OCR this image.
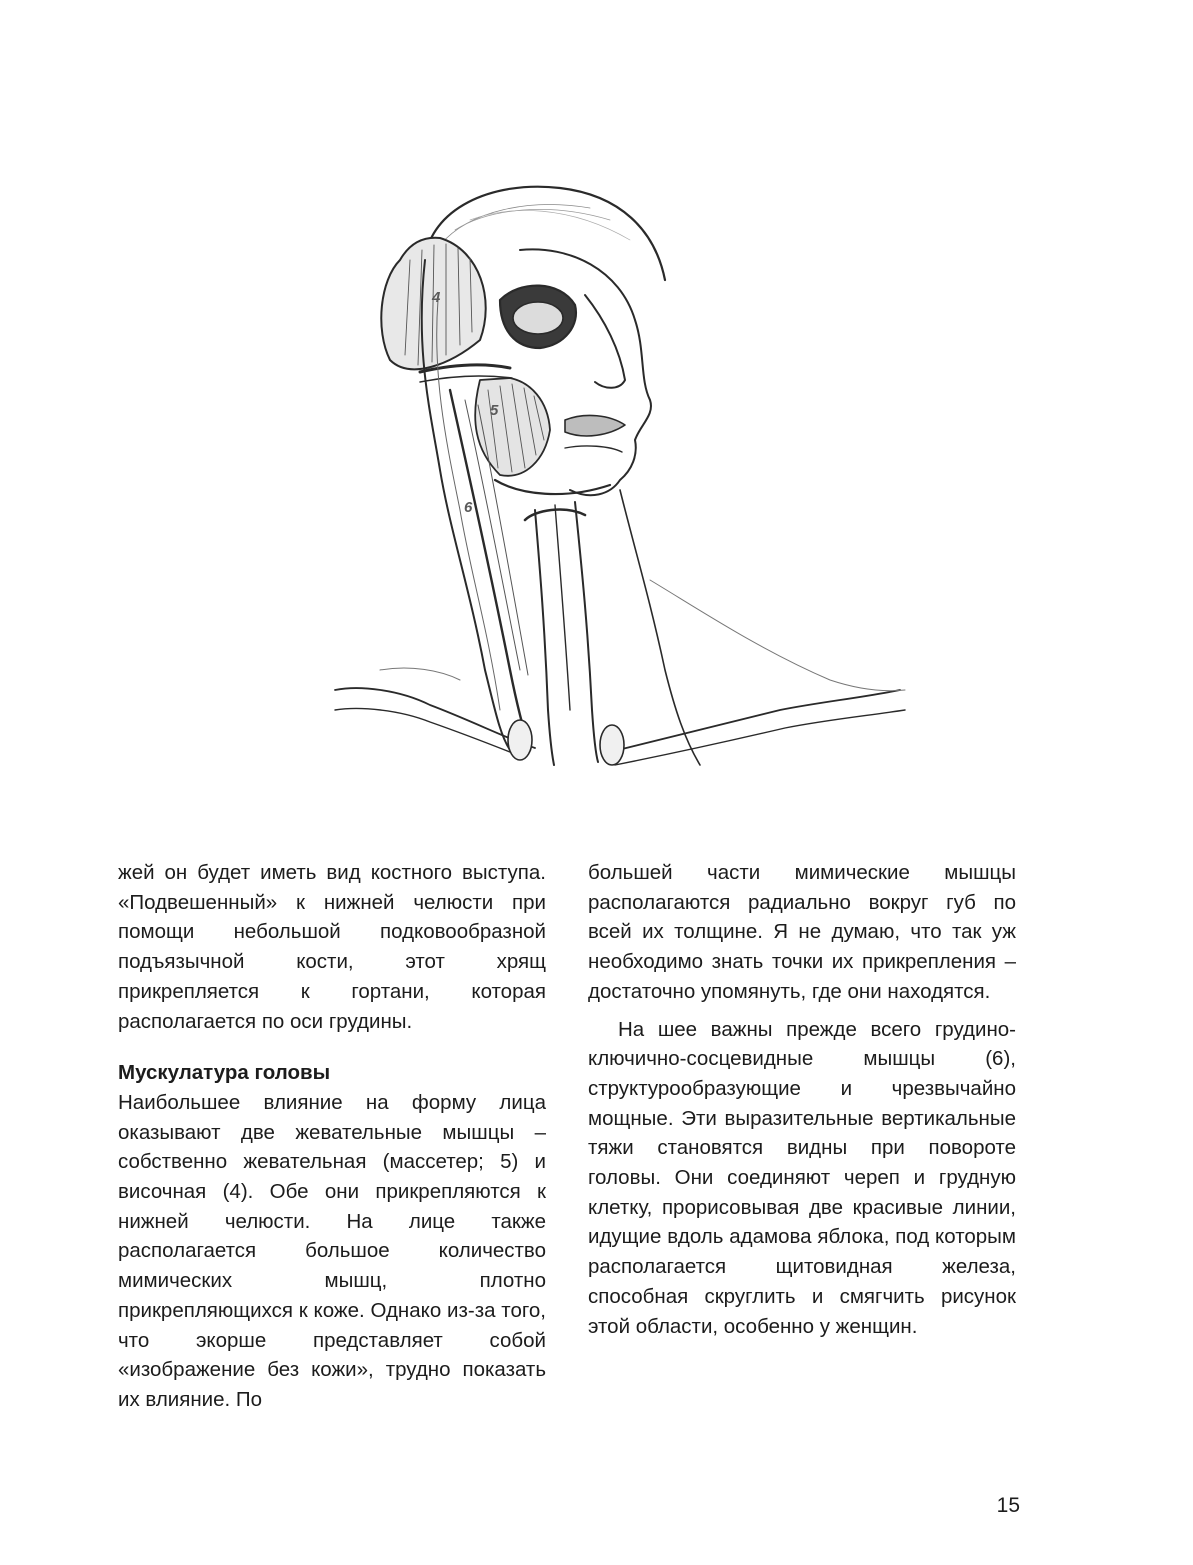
4
5
6

жей он будет иметь вид костного выступа. «Подвешенный» к нижней челюсти при помощи небольшой подковообразной подъязычной кости, этот хрящ прикрепляется к гортани, которая располагается по оси грудины.

Мускулатура головы

Наибольшее влияние на форму лица оказывают две жевательные мышцы – собственно жевательная (массетер; 5) и височная (4). Обе они прикрепляются к нижней челюсти. На лице также располагается большое количество мимических мышц, плотно прикрепляющихся к коже. Однако из-за того, что экорше представляет собой «изображение без кожи», трудно показать их влияние. По

большей части мимические мышцы располагаются радиально вокруг губ по всей их толщине. Я не думаю, что так уж необходимо знать точки их прикрепления – достаточно упомянуть, где они находятся.

На шее важны прежде всего грудино-ключично-сосцевидные мышцы (6), структурообразующие и чрезвычайно мощные. Эти выразительные вертикальные тяжи становятся видны при повороте головы. Они соединяют череп и грудную клетку, прорисовывая две красивые линии, идущие вдоль адамова яблока, под которым располагается щитовидная железа, способная скруглить и смягчить рисунок этой области, особенно у женщин.

15
